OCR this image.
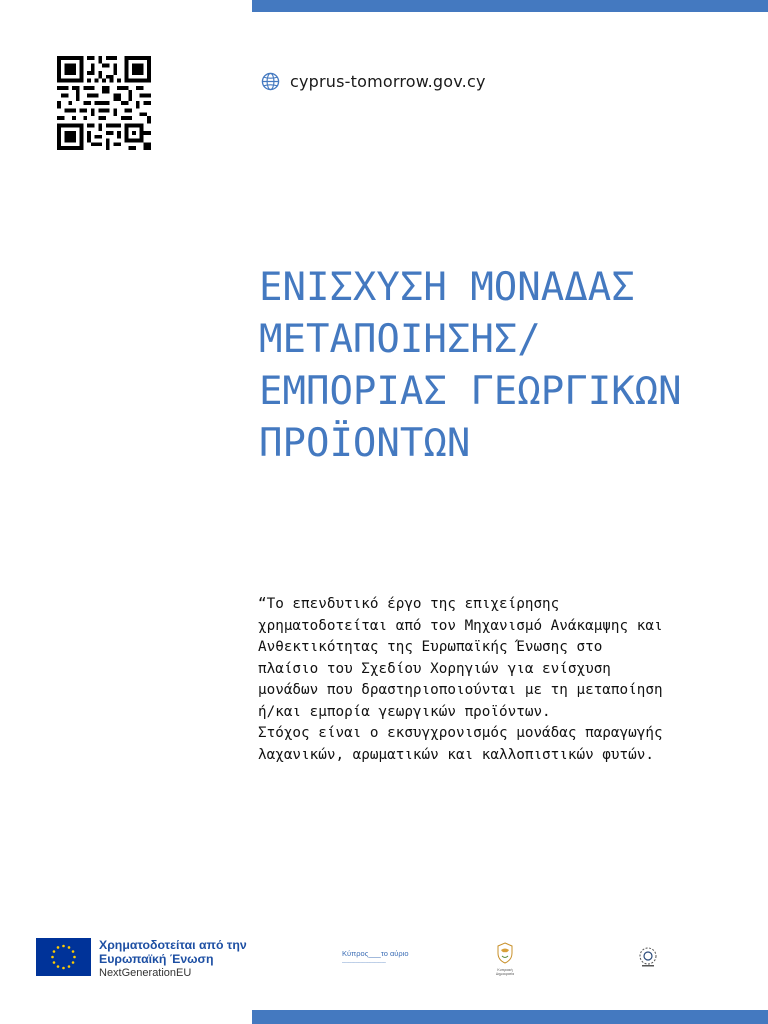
cyprus-tomorrow.gov.cy
ΕΝΙΣΧΥΣΗ ΜΟΝΑΔΑΣ
ΜΕΤΑΠΟΙΗΣΗΣ/
ΕΜΠΟΡΙΑΣ ΓΕΩΡΓΙΚΩΝ
ΠΡΟΪΟΝΤΩΝ
“Το επενδυτικό έργο της επιχείρησης
χρηματοδοτείται από τον Μηχανισμό Ανάκαμψης και
Ανθεκτικότητας της Ευρωπαϊκής Ένωσης στο
πλαίσιο του Σχεδίου Χορηγιών για ενίσχυση
μονάδων που δραστηριοποιούνται με τη μεταποίηση
ή/και εμπορία γεωργικών προϊόντων.
Στόχος είναι ο εκσυγχρονισμός μονάδας παραγωγής
λαχανικών, αρωματικών και καλλοπιστικών φυτών.
Χρηματοδοτείται από την
Ευρωπαϊκή Ένωση
NextGenerationEU
Κύπρος___το αύριο
▁▁▁▁▁▁▁▁▁▁▁▁▁▁▁▁▁▁▁
Κυπριακή Δημοκρατία
